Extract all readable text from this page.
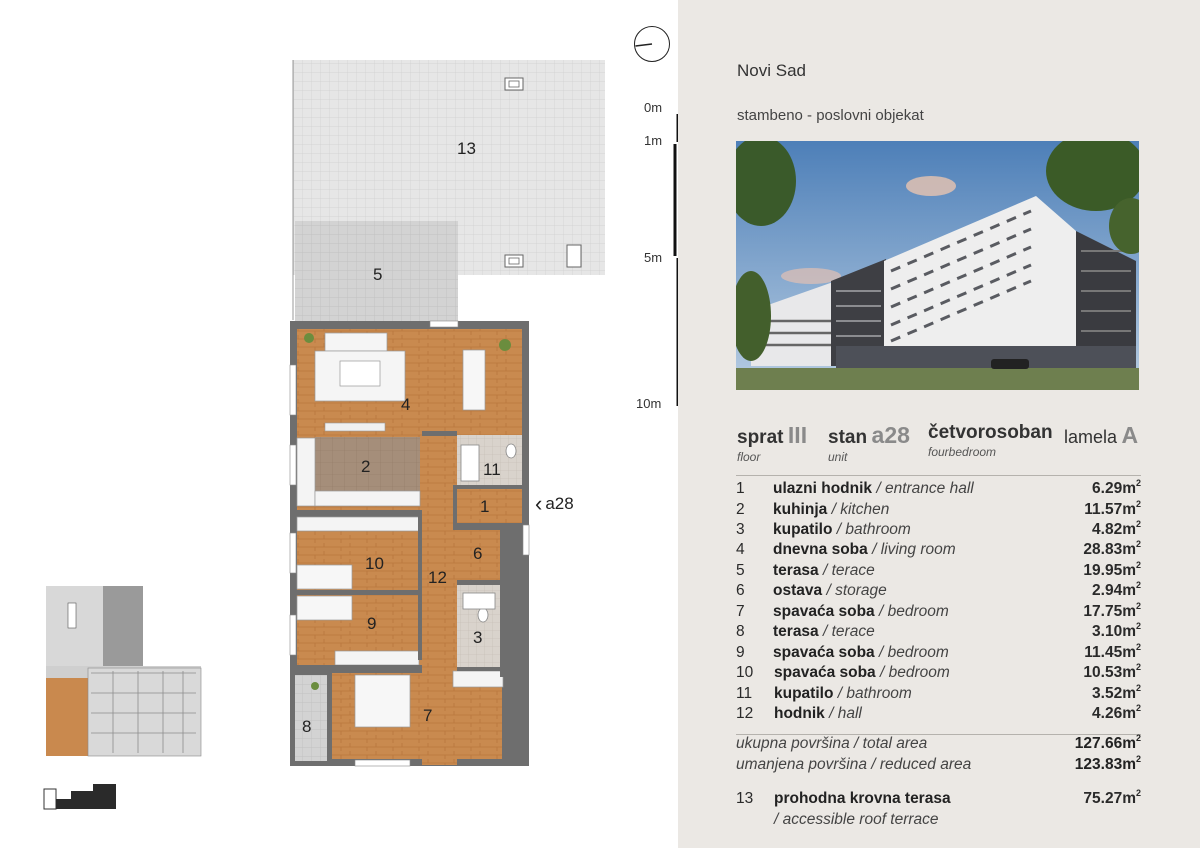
0m
1m
5m
10m
13
5
4
2	11
1
6
10
12
9
3
8
7
‹ a28
Novi Sad
stambeno - poslovni objekat
sprat III
floor
stan a28
unit
četvorosoban
fourbedroom
lamela A
1 ulazni hodnik / entrance hall	$6.29m^2$
2 kuhinja / kitchen	$11.57m^2$
3 kupatilo / bathroom	$4.82m^2$
4 dnevna soba / living room	$28.83m^2$
5 terasa / terace	$19.95m^2$
6 ostava / storage	$2.94m^2$
7 spavaća soba / bedroom	$17.75m^2$
8 terasa / terace	$3.10m^2$
9 spavaća soba / bedroom	$11.45m^2$
10 spavaća soba / bedroom	$10.53m^2$
11 kupatilo / bathroom	$3.52m^2$
12 hodnik / hall	$4.26m^2$
ukupna površina / total area	$127.66m^2$
umanjena površina / reduced area	$123.83m^2$
13 prohodna krovna terasa	$75.27m^2$
/ accessible roof terrace
